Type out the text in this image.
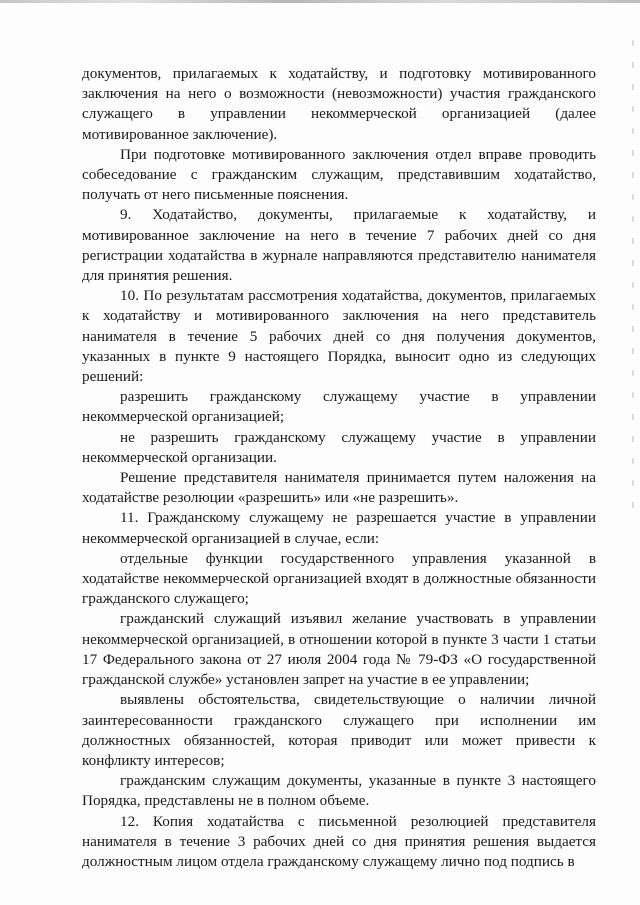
документов, прилагаемых к ходатайству, и подготовку мотивированного заключения на него о возможности (невозможности) участия гражданского служащего в управлении некоммерческой организацией (далее мотивированное заключение).

При подготовке мотивированного заключения отдел вправе проводить собеседование с гражданским служащим, представившим ходатайство, получать от него письменные пояснения.

9. Ходатайство, документы, прилагаемые к ходатайству, и мотивированное заключение на него в течение 7 рабочих дней со дня регистрации ходатайства в журнале направляются представителю нанимателя для принятия решения.

10. По результатам рассмотрения ходатайства, документов, прилагаемых к ходатайству и мотивированного заключения на него представитель нанимателя в течение 5 рабочих дней со дня получения документов, указанных в пункте 9 настоящего Порядка, выносит одно из следующих решений:

разрешить гражданскому служащему участие в управлении некоммерческой организацией;

не разрешить гражданскому служащему участие в управлении некоммерческой организации.

Решение представителя нанимателя принимается путем наложения на ходатайстве резолюции «разрешить» или «не разрешить».

11. Гражданскому служащему не разрешается участие в управлении некоммерческой организацией в случае, если:

отдельные функции государственного управления указанной в ходатайстве некоммерческой организацией входят в должностные обязанности гражданского служащего;

гражданский служащий изъявил желание участвовать в управлении некоммерческой организацией, в отношении которой в пункте 3 части 1 статьи 17 Федерального закона от 27 июля 2004 года № 79-ФЗ «О государственной гражданской службе» установлен запрет на участие в ее управлении;

выявлены обстоятельства, свидетельствующие о наличии личной заинтересованности гражданского служащего при исполнении им должностных обязанностей, которая приводит или может привести к конфликту интересов;

гражданским служащим документы, указанные в пункте 3 настоящего Порядка, представлены не в полном объеме.

12. Копия ходатайства с письменной резолюцией представителя нанимателя в течение 3 рабочих дней со дня принятия решения выдается должностным лицом отдела гражданскому служащему лично под подпись в
